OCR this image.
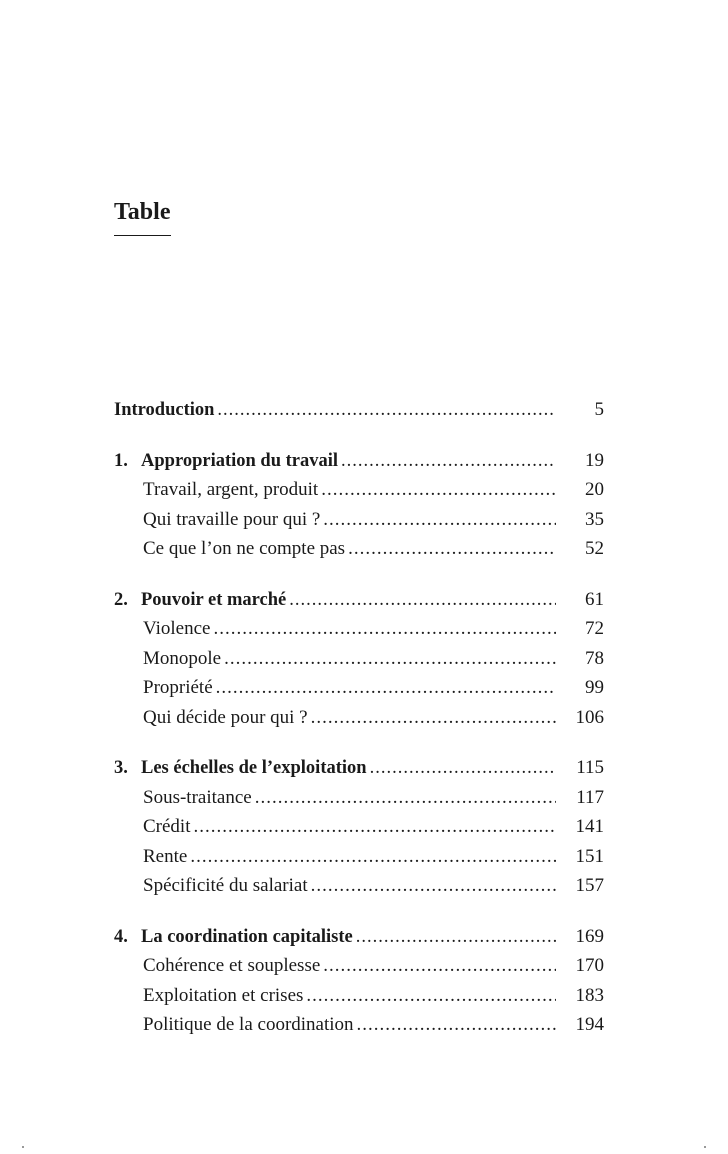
Table
Introduction .....	5
1. Appropriation du travail .....	19
Travail, argent, produit .....	20
Qui travaille pour qui ? .....	35
Ce que l’on ne compte pas .....	52
2. Pouvoir et marché .....	61
Violence .....	72
Monopole .....	78
Propriété .....	99
Qui décide pour qui ? .....	106
3. Les échelles de l’exploitation .....	115
Sous-traitance .....	117
Crédit .....	141
Rente .....	151
Spécificité du salariat .....	157
4. La coordination capitaliste .....	169
Cohérence et souplesse .....	170
Exploitation et crises .....	183
Politique de la coordination .....	194
